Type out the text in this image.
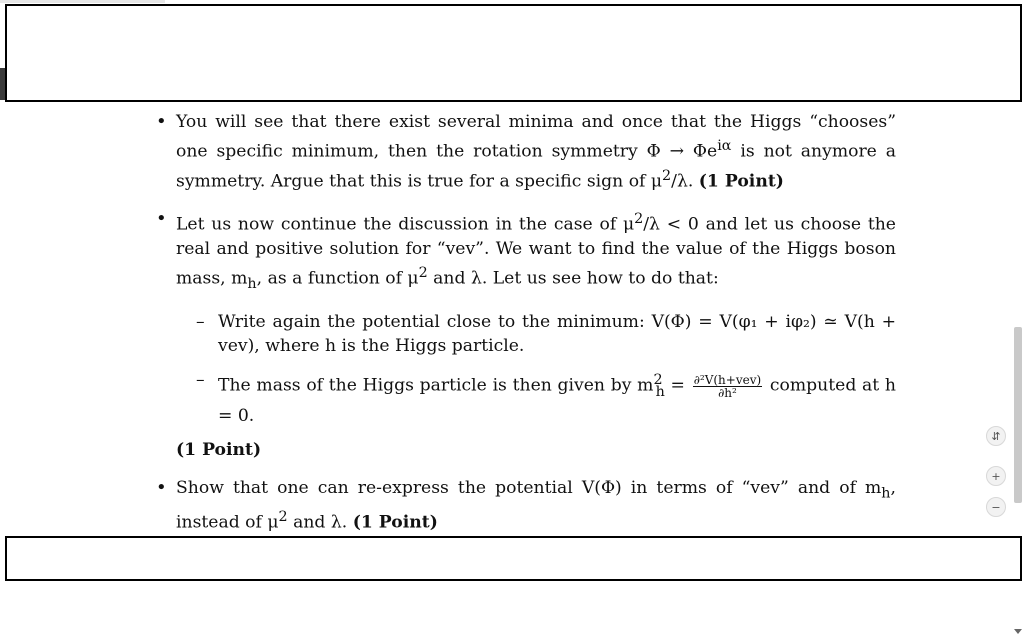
• You will see that there exist several minima and once that the Higgs “chooses” one specific minimum, then the rotation symmetry $\Phi \to \Phi e^{i\alpha}$ is not anymore a symmetry. Argue that this is true for a specific sign of $\mu^2/\lambda$. (1 Point)
• Let us now continue the discussion in the case of $\mu^2/\lambda < 0$ and let us choose the real and positive solution for “vev”. We want to find the value of the Higgs boson mass, $m_h$, as a function of $\mu^2$ and λ. Let us see how to do that:
– Write again the potential close to the minimum: V(Φ) = V(φ₁ + iφ₂) ≃ V(h + vev), where h is the Higgs particle.
– The mass of the Higgs particle is then given by $m^2_h = \frac{\text{∂²V(h+vev)}}{\text{∂h²}}$ computed at h = 0.
(1 Point)
• Show that one can re-express the potential V(Φ) in terms of “vev” and of $m_h$, instead of $\mu^2$ and λ. (1 Point)

⇵
+
−
